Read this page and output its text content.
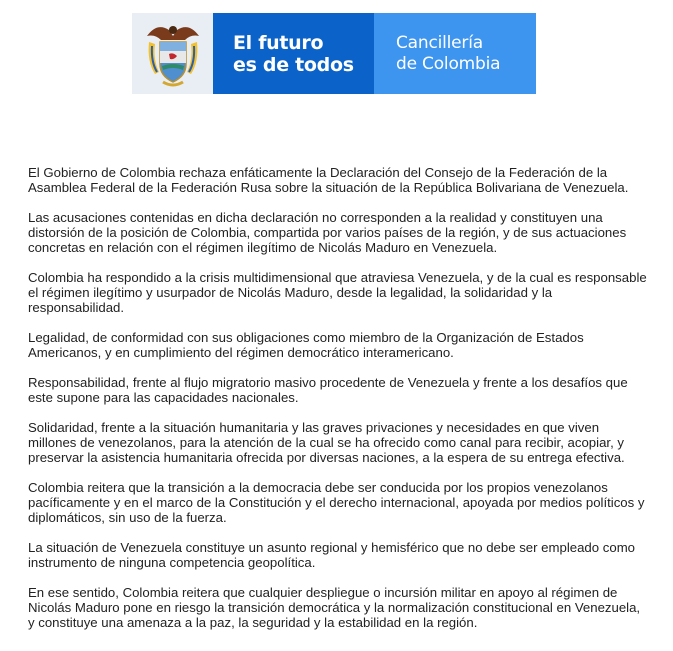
El futuro
es de todos
Cancillería
de Colombia

El Gobierno de Colombia rechaza enfáticamente la Declaración del Consejo de la Federación de la Asamblea Federal de la Federación Rusa sobre la situación de la República Bolivariana de Venezuela.

Las acusaciones contenidas en dicha declaración no corresponden a la realidad y constituyen una distorsión de la posición de Colombia, compartida por varios países de la región, y de sus actuaciones concretas en relación con el régimen ilegítimo de Nicolás Maduro en Venezuela.

Colombia ha respondido a la crisis multidimensional que atraviesa Venezuela, y de la cual es responsable el régimen ilegítimo y usurpador de Nicolás Maduro, desde la legalidad, la solidaridad y la responsabilidad.

Legalidad, de conformidad con sus obligaciones como miembro de la Organización de Estados Americanos, y en cumplimiento del régimen democrático interamericano.

Responsabilidad, frente al flujo migratorio masivo procedente de Venezuela y frente a los desafíos que este supone para las capacidades nacionales.

Solidaridad, frente a la situación humanitaria y las graves privaciones y necesidades en que viven millones de venezolanos, para la atención de la cual se ha ofrecido como canal para recibir, acopiar, y preservar la asistencia humanitaria ofrecida por diversas naciones, a la espera de su entrega efectiva.

Colombia reitera que la transición a la democracia debe ser conducida por los propios venezolanos pacíficamente y en el marco de la Constitución y el derecho internacional, apoyada por medios políticos y diplomáticos, sin uso de la fuerza.

La situación de Venezuela constituye un asunto regional y hemisférico que no debe ser empleado como instrumento de ninguna competencia geopolítica.

En ese sentido, Colombia reitera que cualquier despliegue o incursión militar en apoyo al régimen de Nicolás Maduro pone en riesgo la transición democrática y la normalización constitucional en Venezuela, y constituye una amenaza a la paz, la seguridad y la estabilidad en la región.
